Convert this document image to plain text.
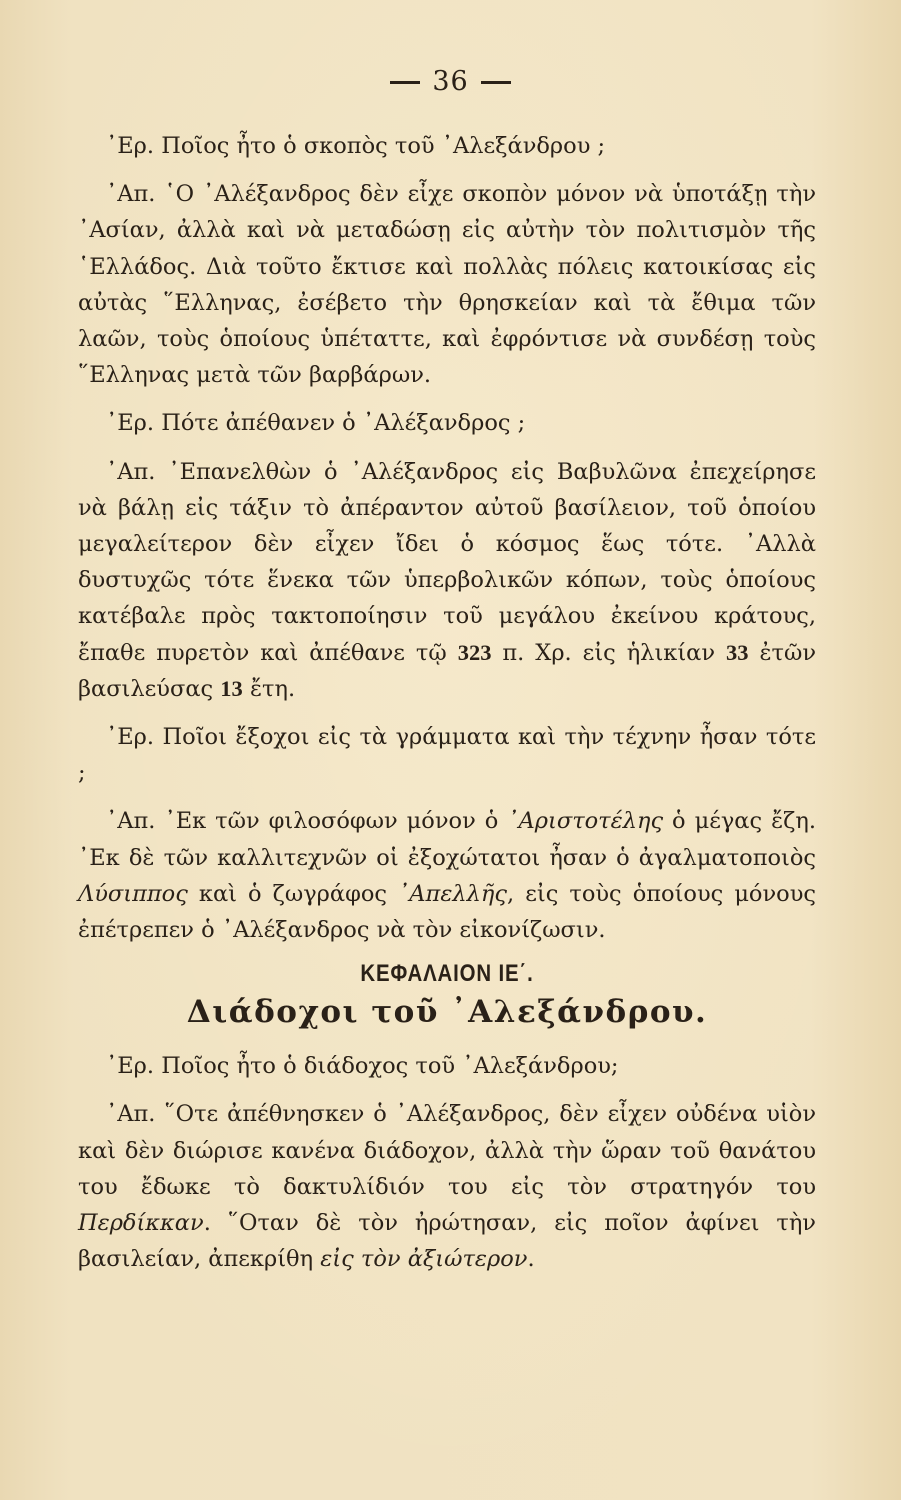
36
᾽Ερ. Ποῖος ἦτο ὁ σκοπὸς τοῦ ᾽Αλεξάνδρου ;
᾽Απ. ῾Ο ᾽Αλέξανδρος δὲν εἶχε σκοπὸν μόνον νὰ ὑποτάξῃ τὴν ᾽Ασίαν, ἀλλὰ καὶ νὰ μεταδώσῃ εἰς αὐτὴν τὸν πολιτισμὸν τῆς ῾Ελλάδος. Διὰ τοῦτο ἔκτισε καὶ πολλὰς πόλεις κατοικίσας εἰς αὐτὰς ῞Ελληνας, ἐσέβετο τὴν θρησκείαν καὶ τὰ ἔθιμα τῶν λαῶν, τοὺς ὁποίους ὑπέταττε, καὶ ἐφρόντισε νὰ συνδέσῃ τοὺς ῞Ελληνας μετὰ τῶν βαρβάρων.
᾽Ερ. Πότε ἀπέθανεν ὁ ᾽Αλέξανδρος ;
᾽Απ. ᾽Επανελθὼν ὁ ᾽Αλέξανδρος εἰς Βαβυλῶνα ἐπεχείρησε νὰ βάλῃ εἰς τάξιν τὸ ἀπέραντον αὐτοῦ βασίλειον, τοῦ ὁποίου μεγαλείτερον δὲν εἶχεν ἴδει ὁ κόσμος ἕως τότε. ᾽Αλλὰ δυστυχῶς τότε ἕνεκα τῶν ὑπερβολικῶν κόπων, τοὺς ὁποίους κατέβαλε πρὸς τακτοποίησιν τοῦ μεγάλου ἐκείνου κράτους, ἔπαθε πυρετὸν καὶ ἀπέθανε τῷ 323 π. Χρ. εἰς ἡλικίαν 33 ἐτῶν βασιλεύσας 13 ἔτη.
᾽Ερ. Ποῖοι ἔξοχοι εἰς τὰ γράμματα καὶ τὴν τέχνην ἦσαν τότε ;
᾽Απ. ᾽Εκ τῶν φιλοσόφων μόνον ὁ ᾽Αριστοτέλης ὁ μέγας ἔζη. ᾽Εκ δὲ τῶν καλλιτεχνῶν οἱ ἐξοχώτατοι ἦσαν ὁ ἀγαλματοποιὸς Λύσιππος καὶ ὁ ζωγράφος ᾽Απελλῆς, εἰς τοὺς ὁποίους μόνους ἐπέτρεπεν ὁ ᾽Αλέξανδρος νὰ τὸν εἰκονίζωσιν.
ΚΕΦΑΛΑΙΟΝ ΙΕ΄.
Διάδοχοι τοῦ ᾽Αλεξάνδρου.
᾽Ερ. Ποῖος ἦτο ὁ διάδοχος τοῦ ᾽Αλεξάνδρου;
᾽Απ. ῞Οτε ἀπέθνησκεν ὁ ᾽Αλέξανδρος, δὲν εἶχεν οὐδένα υἱὸν καὶ δὲν διώρισε κανένα διάδοχον, ἀλλὰ τὴν ὥραν τοῦ θανάτου του ἔδωκε τὸ δακτυλίδιόν του εἰς τὸν στρατηγόν του Περδίκκαν. ῞Οταν δὲ τὸν ἠρώτησαν, εἰς ποῖον ἀφίνει τὴν βασιλείαν, ἀπεκρίθη εἰς τὸν ἀξιώτερον.
